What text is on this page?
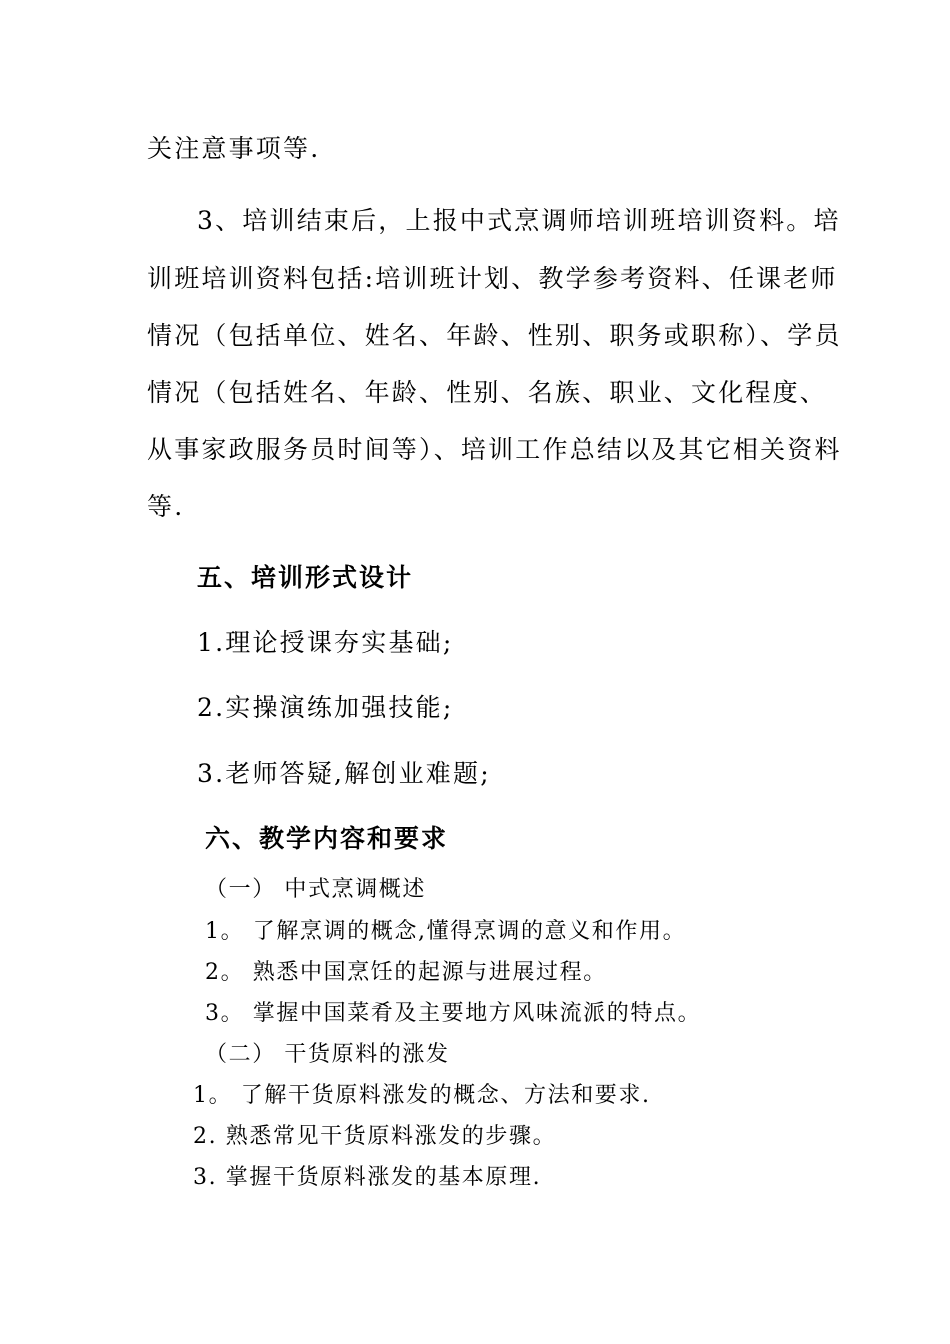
关注意事项等.
3、培训结束后，上报中式烹调师培训班培训资料。培
训班培训资料包括:培训班计划、教学参考资料、任课老师
情况（包括单位、姓名、年龄、性别、职务或职称）、学员
情况（包括姓名、年龄、性别、名族、职业、文化程度、
从事家政服务员时间等）、培训工作总结以及其它相关资料
等.
五、培训形式设计
1.理论授课夯实基础;
2.实操演练加强技能;
3.老师答疑,解创业难题;
六、教学内容和要求
（一） 中式烹调概述
1。 了解烹调的概念,懂得烹调的意义和作用。
2。 熟悉中国烹饪的起源与进展过程。
3。 掌握中国菜肴及主要地方风味流派的特点。
（二） 干货原料的涨发
1。 了解干货原料涨发的概念、方法和要求.
2. 熟悉常见干货原料涨发的步骤。
3. 掌握干货原料涨发的基本原理.
